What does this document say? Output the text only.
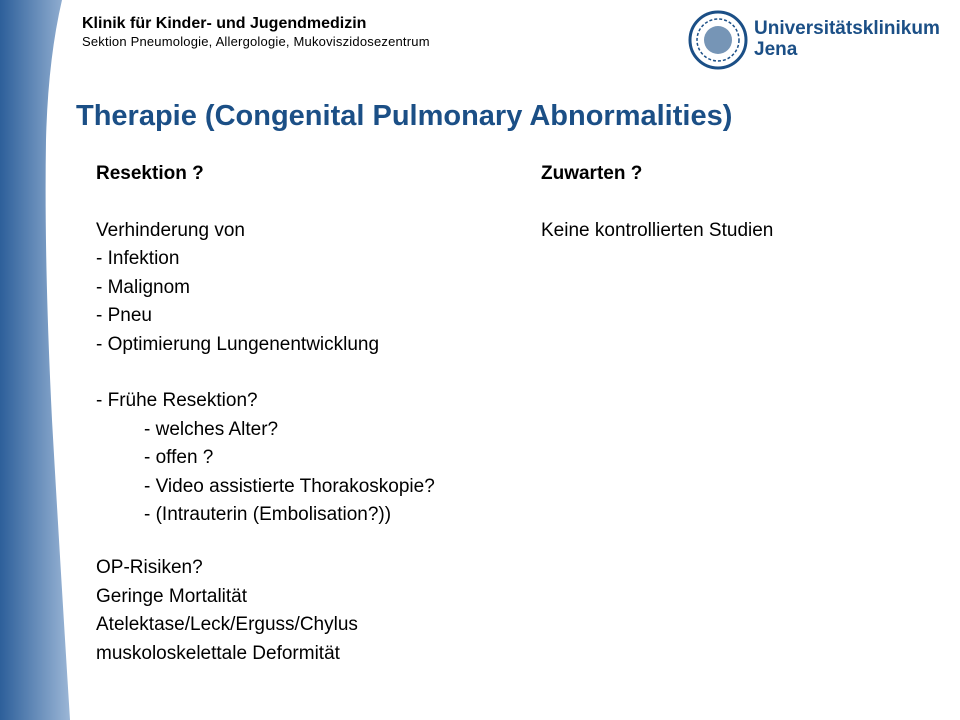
Klinik für Kinder- und Jugendmedizin
Sektion Pneumologie, Allergologie, Mukoviszidosezentrum
Universitätsklinikum
Jena
Therapie (Congenital Pulmonary Abnormalities)
Resektion ?
Verhinderung von
- Infektion
- Malignom
- Pneu
- Optimierung Lungenentwicklung
- Frühe Resektion?
- welches Alter?
- offen ?
- Video assistierte Thorakoskopie?
- (Intrauterin (Embolisation?))
OP-Risiken?
Geringe Mortalität
Atelektase/Leck/Erguss/Chylus
muskoloskelettale Deformität
Zuwarten ?
Keine kontrollierten Studien
